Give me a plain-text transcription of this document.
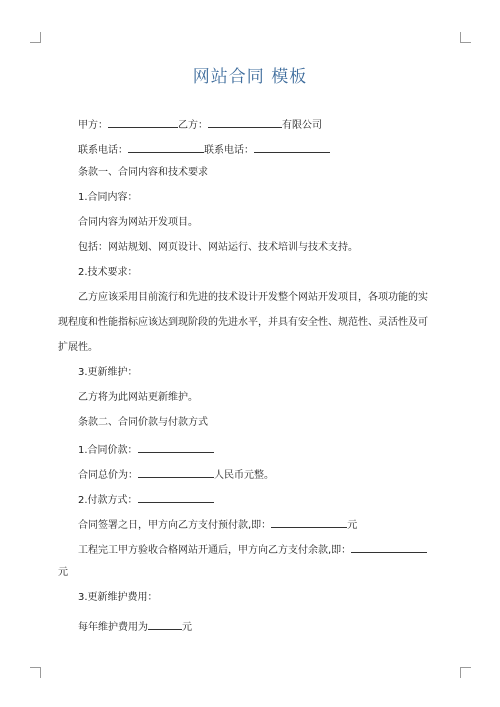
网站合同 模板
甲方：	乙方：	有限公司
联系电话：	联系电话：
条款一、合同内容和技术要求
1.合同内容：
合同内容为网站开发项目。
包括：网站规划、网页设计、网站运行、技术培训与技术支持。
2.技术要求：
乙方应该采用目前流行和先进的技术设计开发整个网站开发项目，各项功能的实
现程度和性能指标应该达到现阶段的先进水平，并具有安全性、规范性、灵活性及可
扩展性。
3.更新维护：
乙方将为此网站更新维护。
条款二、合同价款与付款方式
1.合同价款：
合同总价为：	人民币元整。
2.付款方式：
合同签署之日，甲方向乙方支付预付款,即：	元
工程完工甲方验收合格网站开通后，甲方向乙方支付余款,即：
元
3.更新维护费用：
每年维护费用为	元
